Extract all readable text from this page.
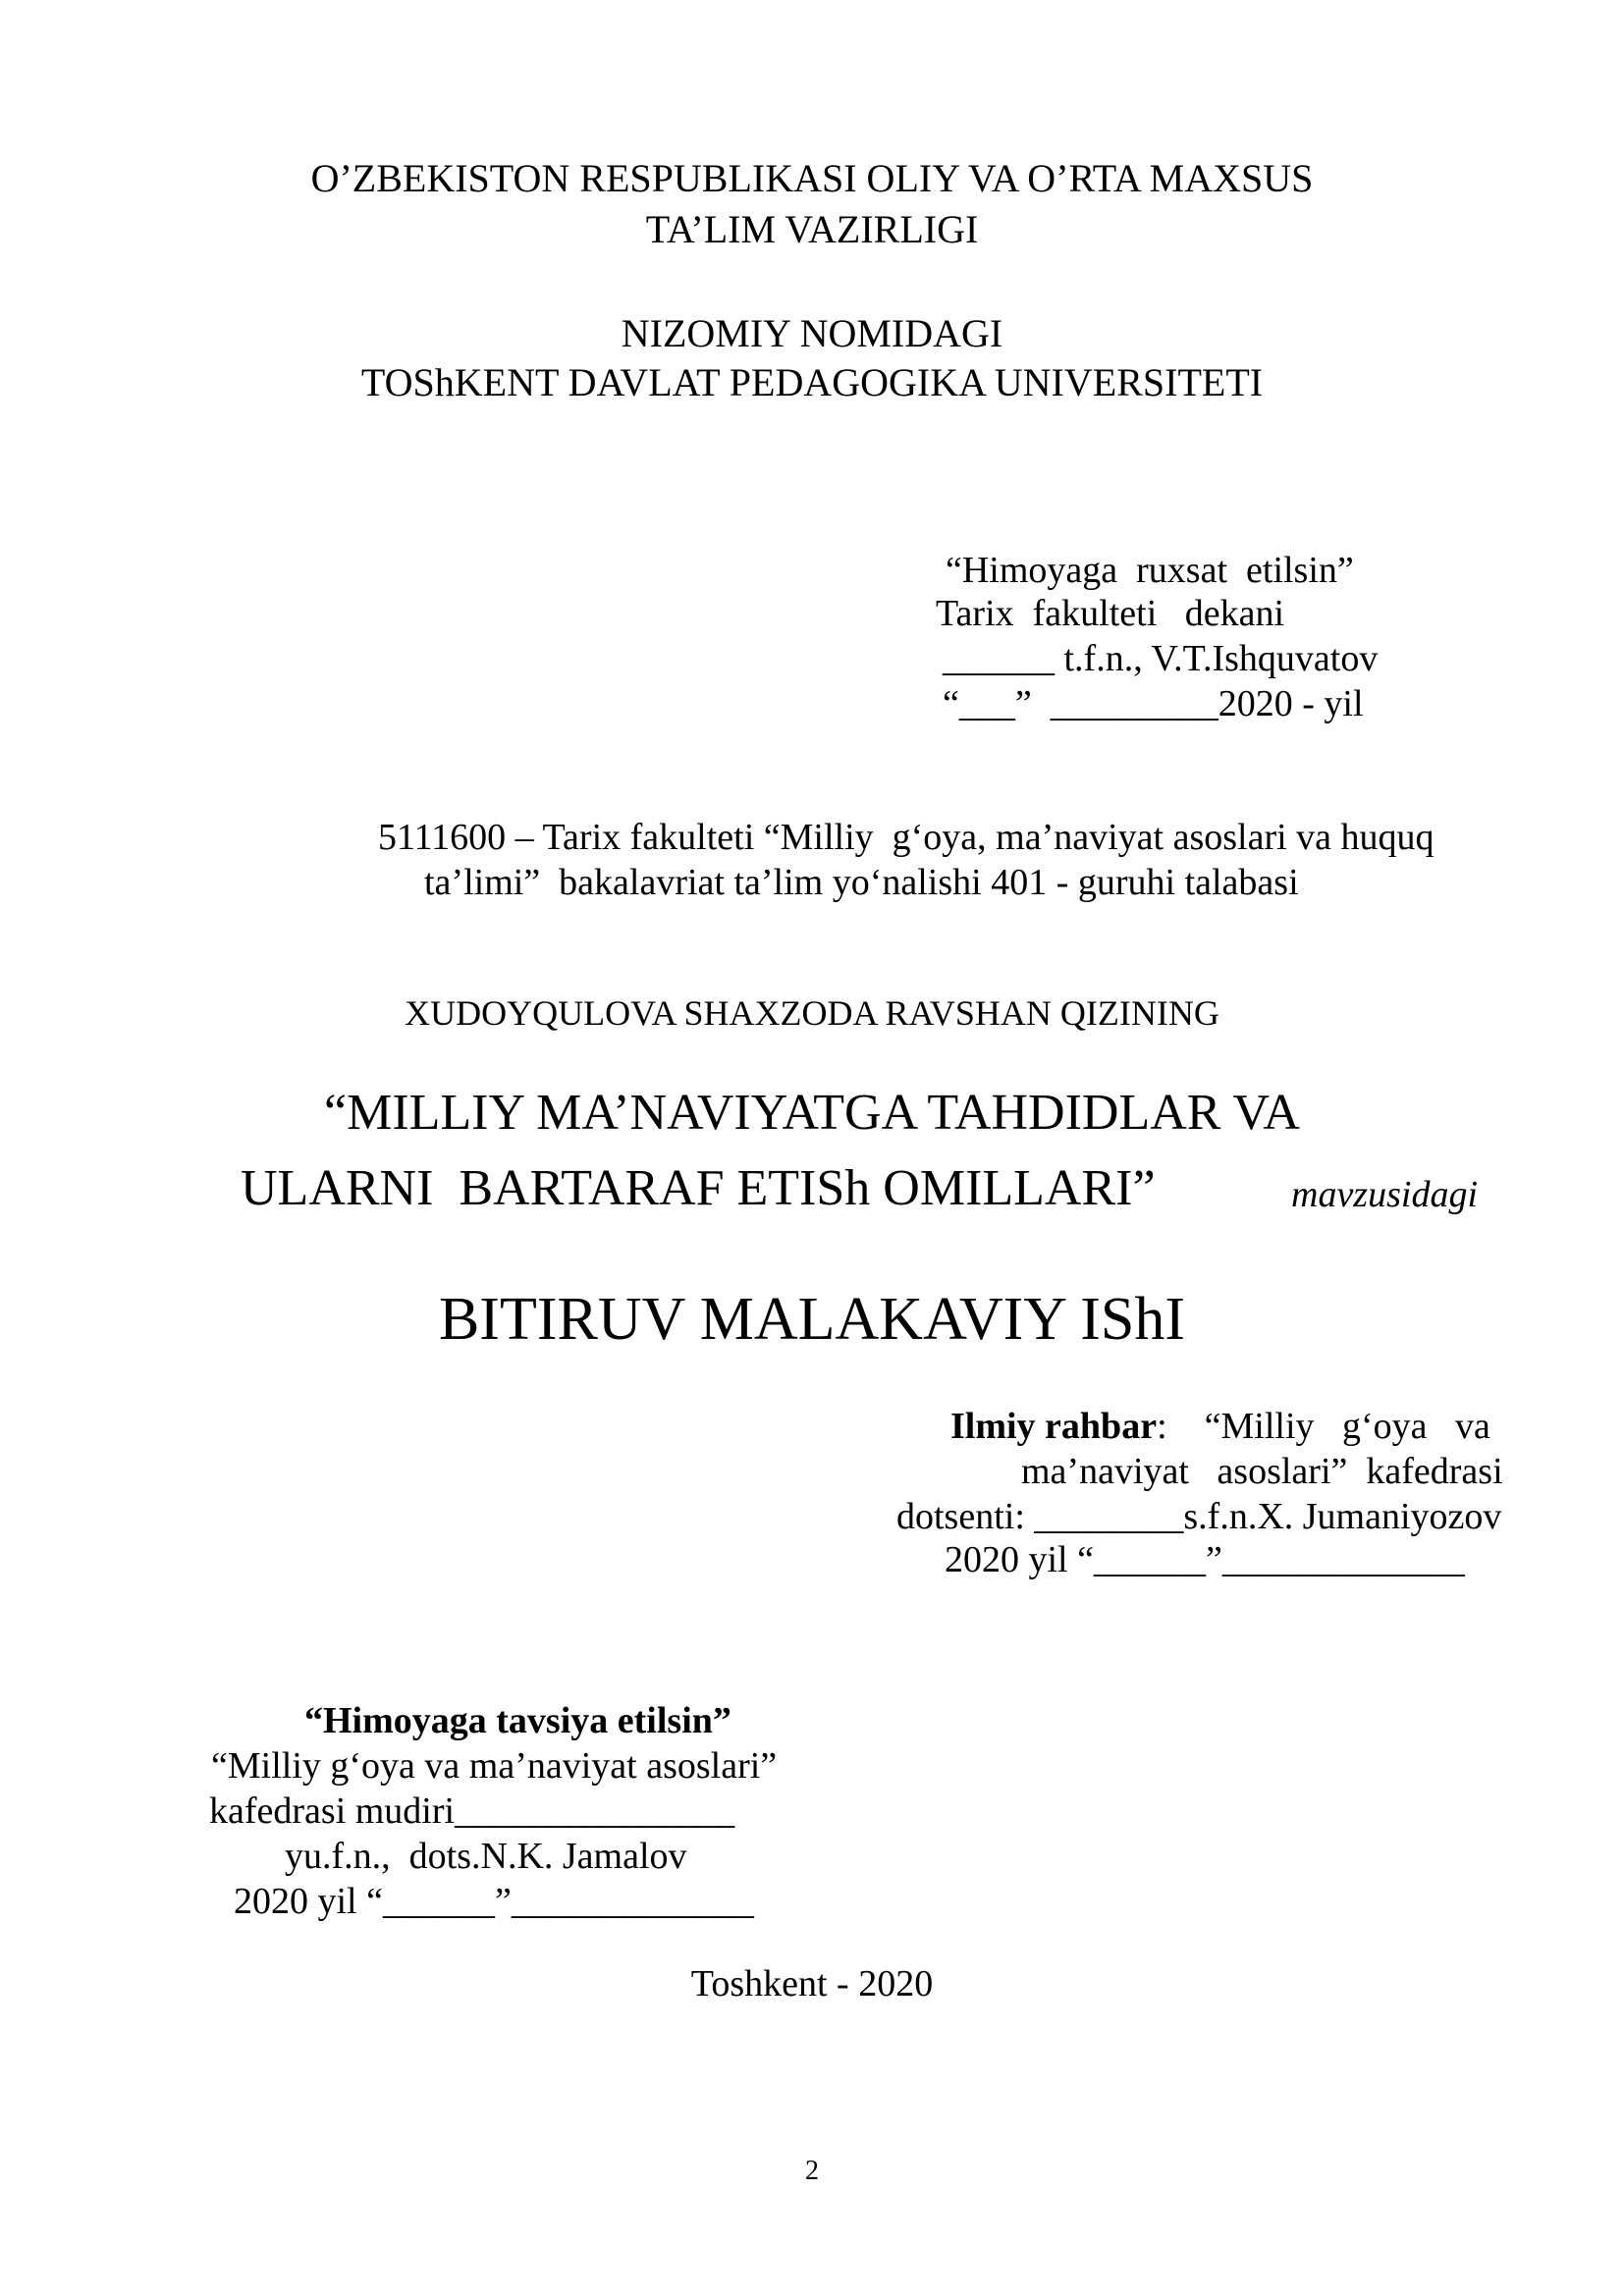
O’ZBEKISTON RESPUBLIKASI OLIY VA O’RTA MAXSUS
TA’LIM VAZIRLIGI
NIZOMIY NOMIDAGI
TOShKENT DAVLAT PEDAGOGIKA UNIVERSITETI
“Himoyaga  ruxsat  etilsin”
Tarix  fakulteti   dekani
______ t.f.n., V.T.Ishquvatov
“___”  _________2020 - yil
5111600 – Tarix fakulteti “Milliy  g‘oya, ma’naviyat asoslari va huquq
ta’limi”  bakalavriat ta’lim yo‘nalishi 401 - guruhi talabasi
XUDOYQULOVA SHAXZODA RAVSHAN QIZINING
“MILLIY MA’NAVIYATGA TAHDIDLAR VA
ULARNI  BARTARAF ETISh OMILLARI”	mavzusidagi
BITIRUV MALAKAVIY IShI
Ilmiy rahbar:    “Milliy   g‘oya   va
ma’naviyat   asoslari”  kafedrasi
dotsenti: ________s.f.n.X. Jumaniyozov
2020 yil “______”_____________
“Himoyaga tavsiya etilsin”
“Milliy g‘oya va ma’naviyat asoslari”
kafedrasi mudiri_______________
yu.f.n.,  dots.N.K. Jamalov
2020 yil “______”_____________
Toshkent - 2020
2
